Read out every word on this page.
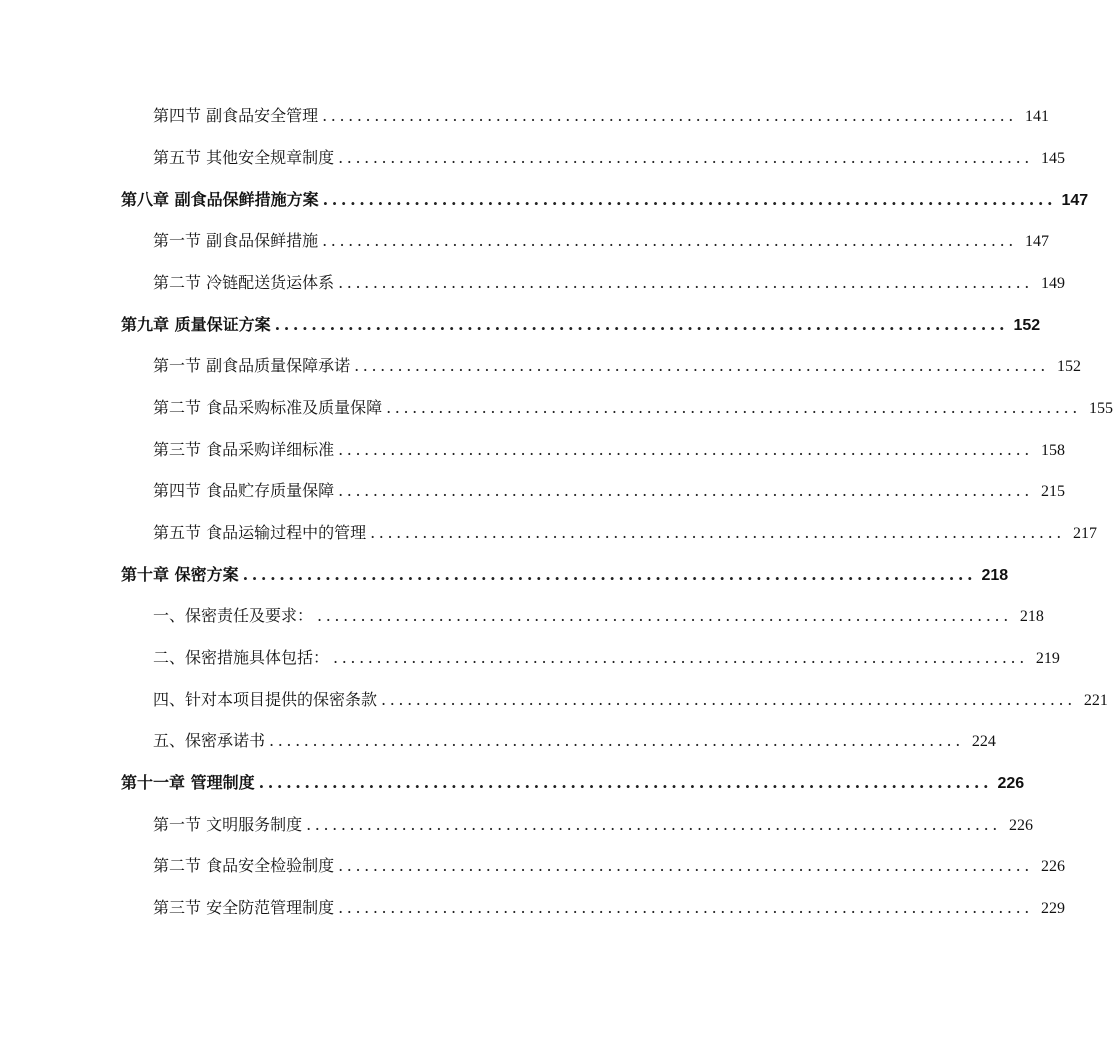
第四节 副食品安全管理 ................................................................................ 141
第五节 其他安全规章制度 ................................................................................ 145
第八章 副食品保鲜措施方案 ................................................................................ 147
第一节 副食品保鲜措施 ................................................................................ 147
第二节 冷链配送货运体系 ................................................................................ 149
第九章 质量保证方案 ................................................................................ 152
第一节 副食品质量保障承诺 ................................................................................ 152
第二节 食品采购标准及质量保障 ................................................................................ 155
第三节 食品采购详细标准 ................................................................................ 158
第四节 食品贮存质量保障 ................................................................................ 215
第五节 食品运输过程中的管理 ................................................................................ 217
第十章 保密方案 ................................................................................ 218
一、保密责任及要求： ................................................................................ 218
二、保密措施具体包括： ................................................................................ 219
四、针对本项目提供的保密条款 ................................................................................ 221
五、保密承诺书 ................................................................................ 224
第十一章 管理制度 ................................................................................ 226
第一节 文明服务制度 ................................................................................ 226
第二节 食品安全检验制度 ................................................................................ 226
第三节 安全防范管理制度 ................................................................................ 229
